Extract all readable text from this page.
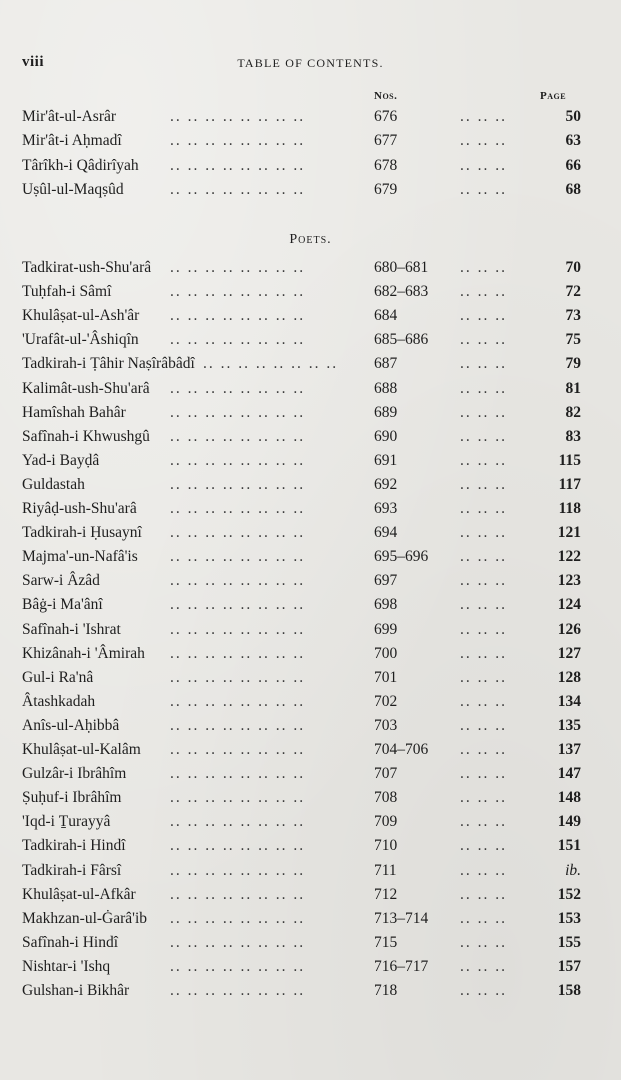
viii	TABLE OF CONTENTS.
Nos.	Page
Mir'ât-ul-Asrâr	.. .. .. .. .. .. .. ..	676	.. .. ..	50
Mir'ât-i Aḥmadî	.. .. .. .. .. .. .. ..	677	.. .. ..	63
Târîkh-i Qâdirîyah .. .. .. .. .. .. .. ..	678	.. .. ..	66
Uṣûl-ul-Maqṣûd	.. .. .. .. .. .. .. ..	679	.. .. ..	68
Poets.
Tadkirat-ush-Shu'arâ .. .. .. .. .. .. .. ..	680–681 .. .. ..	70
Tuḥfah-i Sâmî	.. .. .. .. .. .. .. ..	682–683 .. .. ..	72
Khulâṣat-ul-Ash'âr .. .. .. .. .. .. .. ..	684	.. .. ..	73
'Urafât-ul-'Âshiqîn .. .. .. .. .. .. .. ..	685–686 .. .. ..	75
Tadkirah-i Ṭâhir Naṣîrâbâdî .. .. .. .. .. .. .. ..	687	.. .. ..	79
Kalimât-ush-Shu'arâ .. .. .. .. .. .. .. ..	688	.. .. ..	81
Hamîshah Bahâr	.. .. .. .. .. .. .. ..	689	.. .. ..	82
Safînah-i Khwushgû .. .. .. .. .. .. .. ..	690	.. .. ..	83
Yad-i Bayḍâ	.. .. .. .. .. .. .. ..	691	.. .. ..	115
Guldastah	.. .. .. .. .. .. .. ..	692	.. .. ..	117
Riyâḍ-ush-Shu'arâ .. .. .. .. .. .. .. ..	693	.. .. ..	118
Tadkirah-i Ḥusaynî .. .. .. .. .. .. .. ..	694	.. .. ..	121
Majma'-un-Nafâ'is .. .. .. .. .. .. .. ..	695–696 .. .. ..	122
Sarw-i Âzâd	.. .. .. .. .. .. .. ..	697	.. .. ..	123
Bâġ-i Ma'ânî	.. .. .. .. .. .. .. ..	698	.. .. ..	124
Safînah-i 'Ishrat	.. .. .. .. .. .. .. ..	699	.. .. ..	126
Khizânah-i 'Âmirah .. .. .. .. .. .. .. ..	700	.. .. ..	127
Gul-i Ra'nâ	.. .. .. .. .. .. .. ..	701	.. .. ..	128
Âtashkadah	.. .. .. .. .. .. .. ..	702	.. .. ..	134
Anîs-ul-Aḥibbâ	.. .. .. .. .. .. .. ..	703	.. .. ..	135
Khulâṣat-ul-Kalâm .. .. .. .. .. .. .. ..	704–706 .. .. ..	137
Gulzâr-i Ibrâhîm	.. .. .. .. .. .. .. ..	707	.. .. ..	147
Ṣuḥuf-i Ibrâhîm	.. .. .. .. .. .. .. ..	708	.. .. ..	148
'Iqd-i Ṯurayyâ	.. .. .. .. .. .. .. ..	709	.. .. ..	149
Tadkirah-i Hindî	.. .. .. .. .. .. .. ..	710	.. .. ..	151
Tadkirah-i Fârsî	.. .. .. .. .. .. .. ..	711	.. .. ..	ib.
Khulâṣat-ul-Afkâr .. .. .. .. .. .. .. ..	712	.. .. ..	152
Makhzan-ul-Ġarâ'ib .. .. .. .. .. .. .. ..	713–714 .. .. ..	153
Safînah-i Hindî	.. .. .. .. .. .. .. ..	715	.. .. ..	155
Nishtar-i 'Ishq	.. .. .. .. .. .. .. ..	716–717 .. .. ..	157
Gulshan-i Bikhâr	.. .. .. .. .. .. .. ..	718	.. .. ..	158
